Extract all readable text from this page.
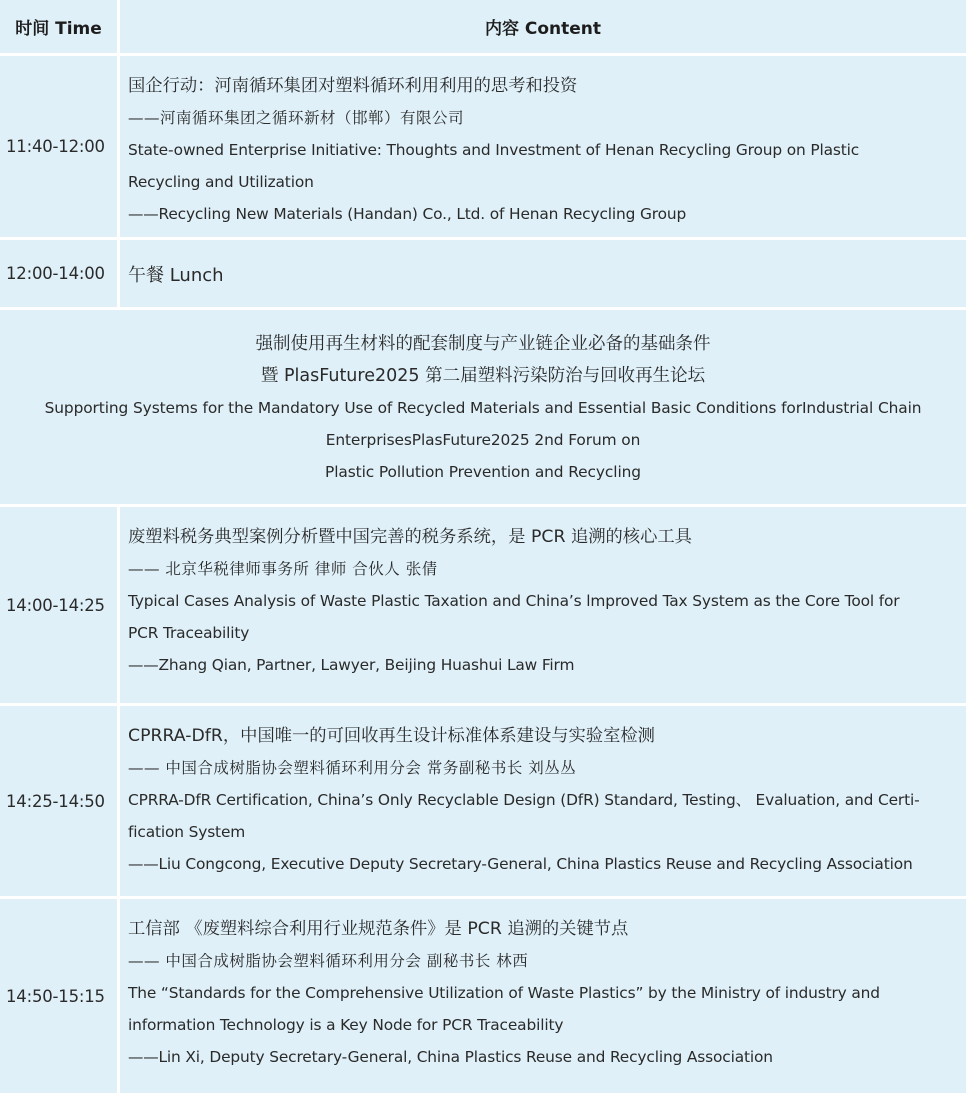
时间 Time	内容 Content
11:40-12:00
国企行动：河南循环集团对塑料循环利用利用的思考和投资
——河南循环集团之循环新材（邯郸）有限公司
State-owned Enterprise Initiative: Thoughts and Investment of Henan Recycling Group on Plastic
Recycling and Utilization
——Recycling New Materials (Handan) Co., Ltd. of Henan Recycling Group
12:00-14:00	午餐 Lunch
强制使用再生材料的配套制度与产业链企业必备的基础条件
暨 PlasFuture2025 第二届塑料污染防治与回收再生论坛
Supporting Systems for the Mandatory Use of Recycled Materials and Essential Basic Conditions forIndustrial Chain
EnterprisesPlasFuture2025 2nd Forum on
Plastic Pollution Prevention and Recycling
14:00-14:25
废塑料税务典型案例分析暨中国完善的税务系统，是 PCR 追溯的核心工具
—— 北京华税律师事务所 律师 合伙人 张倩
Typical Cases Analysis of Waste Plastic Taxation and China’s lmproved Tax System as the Core Tool for
PCR Traceability
——Zhang Qian, Partner, Lawyer, Beijing Huashui Law Firm
14:25-14:50
CPRRA-DfR，中国唯一的可回收再生设计标准体系建设与实验室检测
—— 中国合成树脂协会塑料循环利用分会 常务副秘书长 刘丛丛
CPRRA-DfR Certification, China’s Only Recyclable Design (DfR) Standard, Testing、 Evaluation, and Certi-
fication System
——Liu Congcong, Executive Deputy Secretary-General, China Plastics Reuse and Recycling Association
14:50-15:15
工信部 《废塑料综合利用行业规范条件》是 PCR 追溯的关键节点
—— 中国合成树脂协会塑料循环利用分会 副秘书长 林西
The “Standards for the Comprehensive Utilization of Waste Plastics” by the Ministry of industry and
information Technology is a Key Node for PCR Traceability
——Lin Xi, Deputy Secretary-General, China Plastics Reuse and Recycling Association
